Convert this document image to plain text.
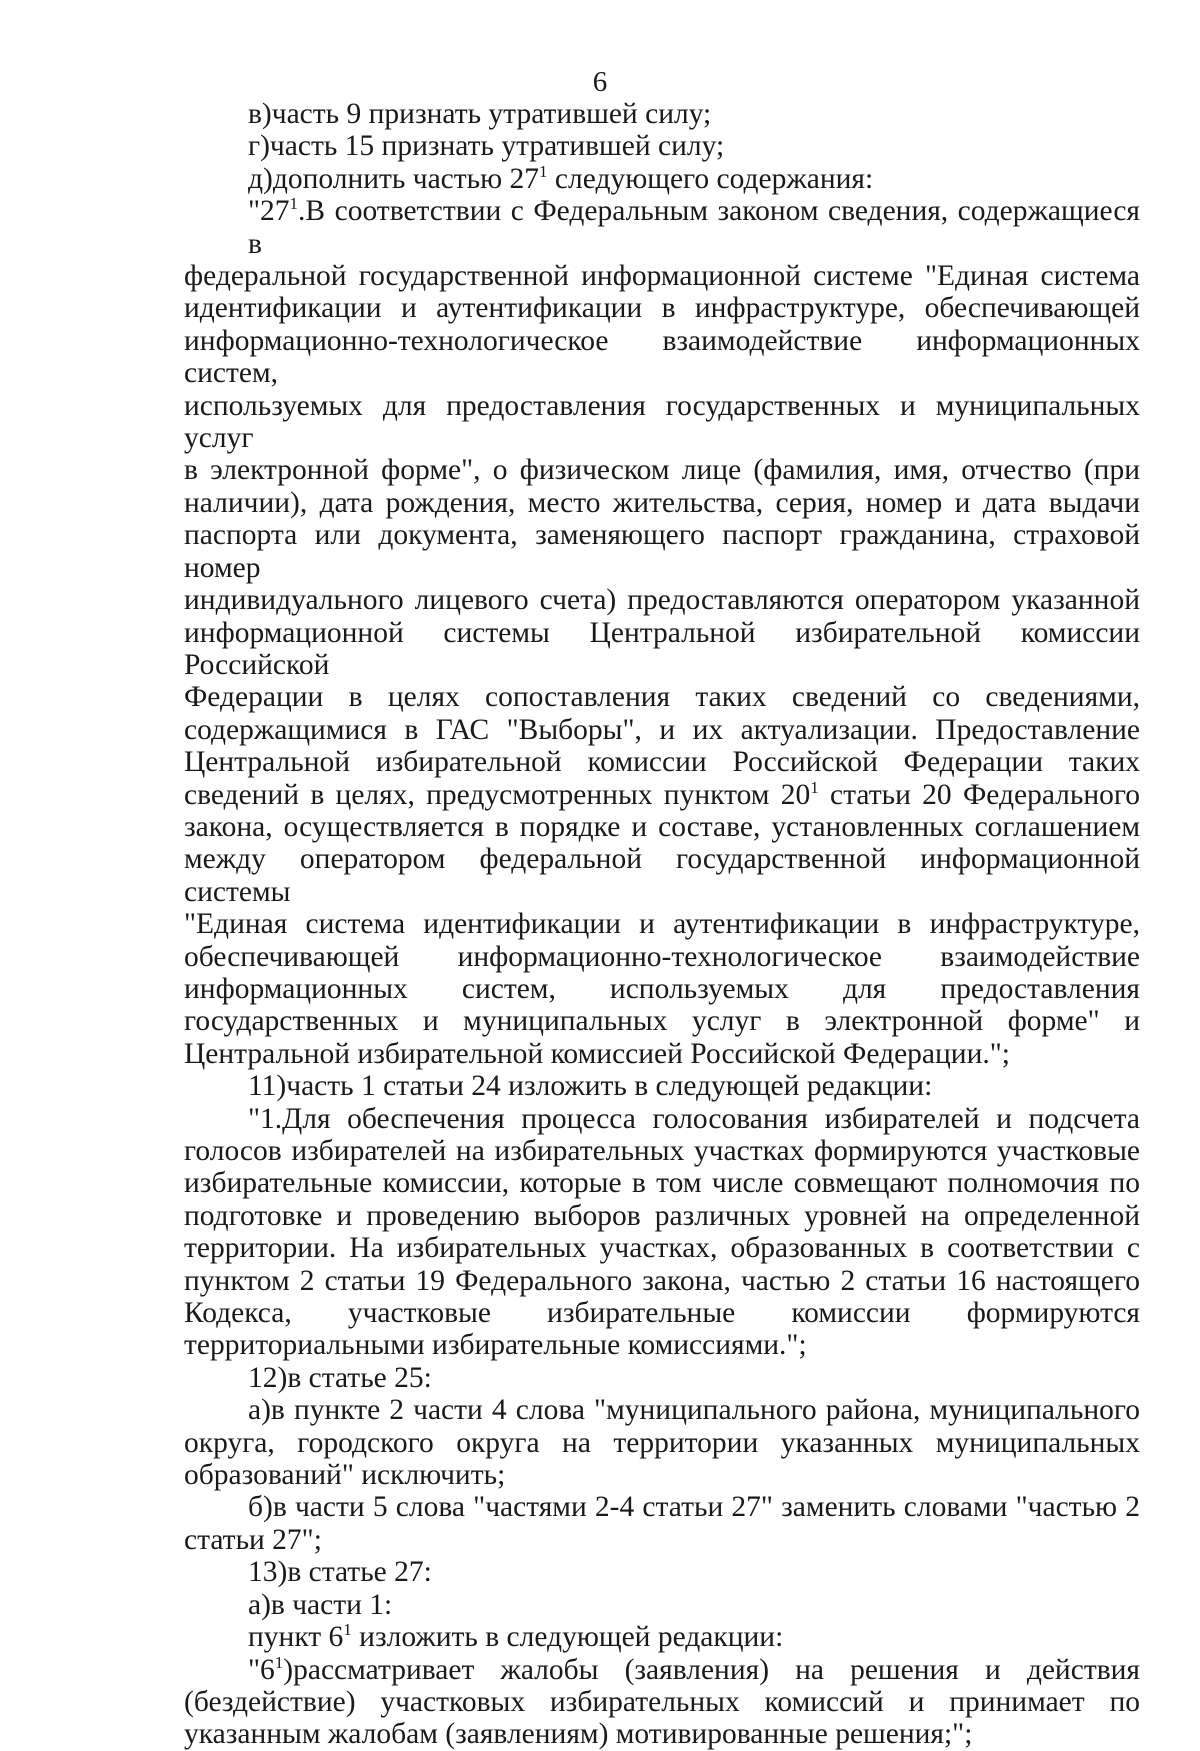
6
в)часть 9 признать утратившей силу;
г)часть 15 признать утратившей силу;
д)дополнить частью $27^1$ следующего содержания:
"$27^1.В$ соответствии с Федеральным законом сведения, содержащиеся в
федеральной государственной информационной системе "Единая система
идентификации и аутентификации в инфраструктуре, обеспечивающей
информационно-технологическое взаимодействие информационных систем,
используемых для предоставления государственных и муниципальных услуг
в электронной форме", о физическом лице (фамилия, имя, отчество (при
наличии), дата рождения, место жительства, серия, номер и дата выдачи
паспорта или документа, заменяющего паспорт гражданина, страховой номер
индивидуального лицевого счета) предоставляются оператором указанной
информационной системы Центральной избирательной комиссии Российской
Федерации в целях сопоставления таких сведений со сведениями,
содержащимися в ГАС "Выборы", и их актуализации. Предоставление
Центральной избирательной комиссии Российской Федерации таких
сведений в целях, предусмотренных пунктом $20^1$ статьи 20 Федерального
закона, осуществляется в порядке и составе, установленных соглашением
между оператором федеральной государственной информационной системы
"Единая система идентификации и аутентификации в инфраструктуре,
обеспечивающей информационно-технологическое взаимодействие
информационных систем, используемых для предоставления
государственных и муниципальных услуг в электронной форме" и
Центральной избирательной комиссией Российской Федерации.";
11)часть 1 статьи 24 изложить в следующей редакции:
"1.Для обеспечения процесса голосования избирателей и подсчета
голосов избирателей на избирательных участках формируются участковые
избирательные комиссии, которые в том числе совмещают полномочия по
подготовке и проведению выборов различных уровней на определенной
территории. На избирательных участках, образованных в соответствии с
пунктом 2 статьи 19 Федерального закона, частью 2 статьи 16 настоящего
Кодекса, участковые избирательные комиссии формируются
территориальными избирательные комиссиями.";
12)в статье 25:
а)в пункте 2 части 4 слова "муниципального района, муниципального
округа, городского округа на территории указанных муниципальных
образований" исключить;
б)в части 5 слова "частями 2-4 статьи 27" заменить словами "частью 2
статьи 27";
13)в статье 27:
а)в части 1:
пункт $6^1$ изложить в следующей редакции:
"$6^1)рассматривает$ жалобы (заявления) на решения и действия
(бездействие) участковых избирательных комиссий и принимает по
указанным жалобам (заявлениям) мотивированные решения;";
